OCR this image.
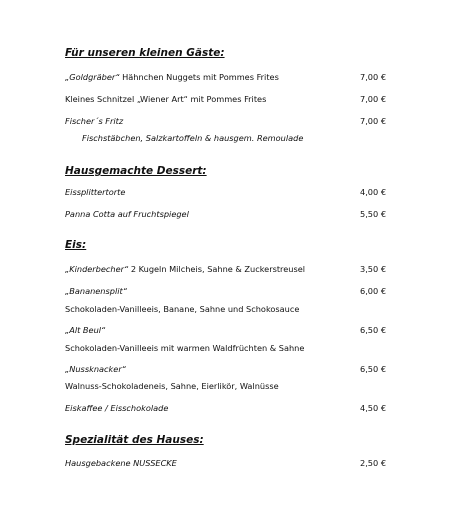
Für unseren kleinen Gäste:
„Goldgräber“ Hähnchen Nuggets mit Pommes Frites	7,00 €
Kleines Schnitzel „Wiener Art“ mit Pommes Frites	7,00 €
Fischer´s Fritz	7,00 €
Fischstäbchen, Salzkartoffeln & hausgem. Remoulade
Hausgemachte Dessert:
Eissplittertorte	4,00 €
Panna Cotta auf Fruchtspiegel	5,50 €
Eis:
„Kinderbecher“ 2 Kugeln Milcheis, Sahne & Zuckerstreusel	3,50 €
„Bananensplit“	6,00 €
Schokoladen-Vanilleeis, Banane, Sahne und Schokosauce
„Alt Beul“	6,50 €
Schokoladen-Vanilleeis mit warmen Waldfrüchten & Sahne
„Nussknacker“	6,50 €
Walnuss-Schokoladeneis, Sahne, Eierlikör, Walnüsse
Eiskaffee / Eisschokolade	4,50 €
Spezialität des Hauses:
Hausgebackene NUSSECKE	2,50 €
